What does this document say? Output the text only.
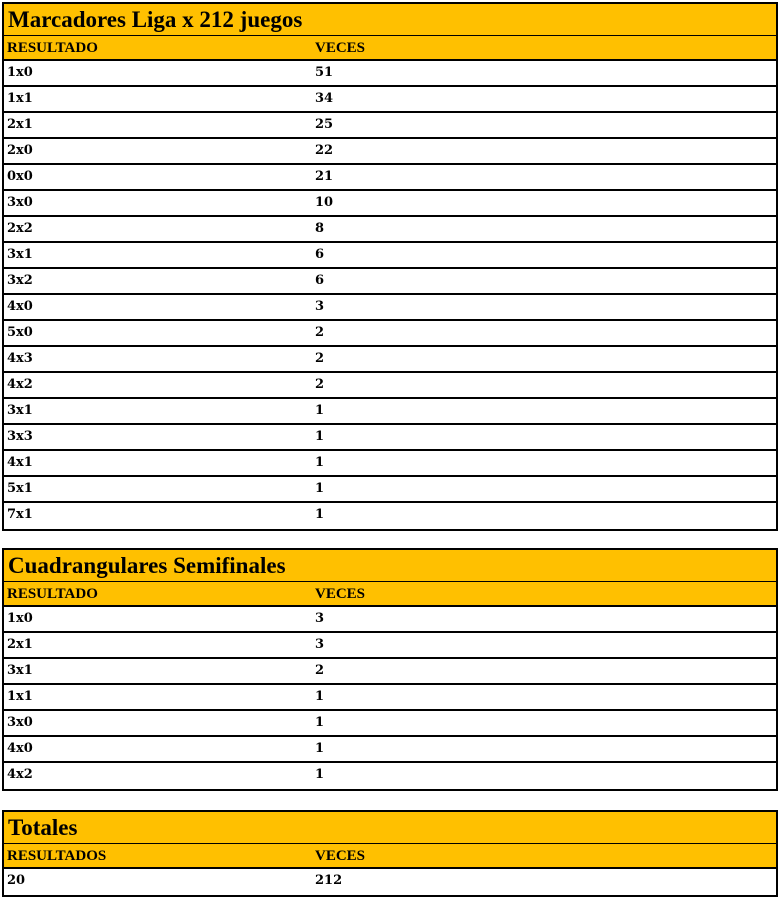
Marcadores Liga x 212 juegos
RESULTADO	VECES
1x0	51
1x1	34
2x1	25
2x0	22
0x0	21
3x0	10
2x2	8
3x1	6
3x2	6
4x0	3
5x0	2
4x3	2
4x2	2
3x1	1
3x3	1
4x1	1
5x1	1
7x1	1
Cuadrangulares Semifinales
RESULTADO	VECES
1x0	3
2x1	3
3x1	2
1x1	1
3x0	1
4x0	1
4x2	1
Totales
RESULTADOS	VECES
20	212
